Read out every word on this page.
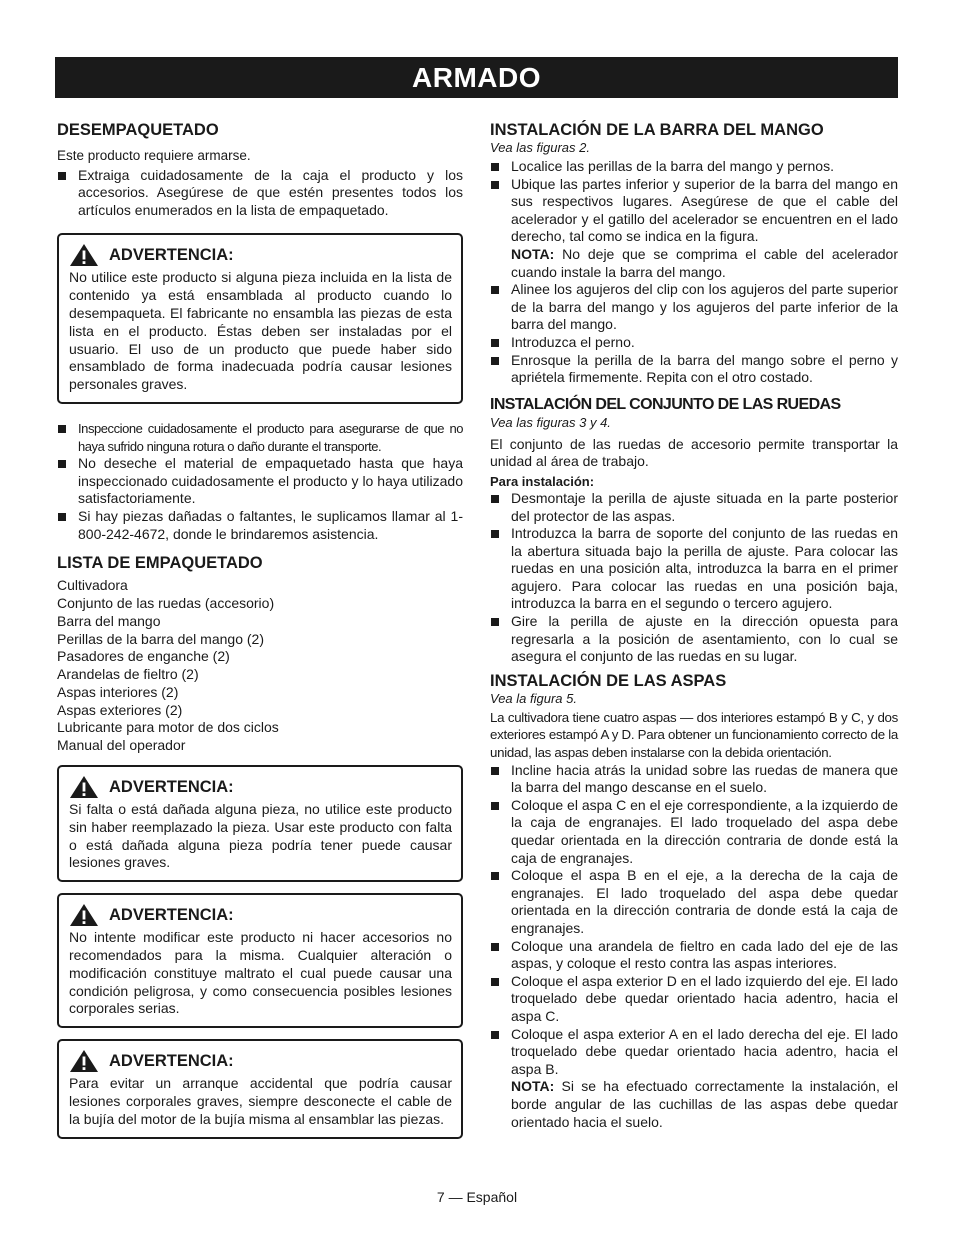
ARMADO
DESEMPAQUETADO

Este producto requiere armarse.

Extraiga cuidadosamente de la caja el producto y los accesorios. Asegúrese de que estén presentes todos los artículos enumerados en la lista de empaquetado.
ADVERTENCIA:

No utilice este producto si alguna pieza incluida en la lista de contenido ya está ensamblada al producto cuando lo desempaqueta. El fabricante no ensambla las piezas de esta lista en el producto. Éstas deben ser instaladas por el usuario. El uso de un producto que puede haber sido ensamblado de forma inadecuada podría causar lesiones personales graves.

Inspeccione cuidadosamente el producto para asegurarse de que no haya sufrido ninguna rotura o daño durante el transporte.
No deseche el material de empaquetado hasta que haya inspeccionado cuidadosamente el producto y lo haya utilizado satisfactoriamente.
Si hay piezas dañadas o faltantes, le suplicamos llamar al 1-800-242-4672, donde le brindaremos asistencia.
LISTA DE EMPAQUETADO
Cultivadora
Conjunto de las ruedas (accesorio)
Barra del mango
Perillas de la barra del mango (2)
Pasadores de enganche (2)
Arandelas de fieltro (2)
Aspas interiores (2)
Aspas exteriores (2)
Lubricante para motor de dos ciclos
Manual del operador
ADVERTENCIA:

Si falta o está dañada alguna pieza, no utilice este producto sin haber reemplazado la pieza. Usar este producto con falta o está dañada alguna pieza podría tener puede causar lesiones graves.

ADVERTENCIA:

No intente modificar este producto ni hacer accesorios no recomendados para la misma. Cualquier alteración o modificación constituye maltrato el cual puede causar una condición peligrosa, y como consecuencia posibles lesiones corporales serias.

ADVERTENCIA:

Para evitar un arranque accidental que podría causar lesiones corporales graves, siempre desconecte el cable de la bujía del motor de la bujía misma al ensamblar las piezas.

INSTALACIÓN DE LA BARRA DEL MANGO
Vea las figuras 2.
Localice las perillas de la barra del mango y pernos.
Ubique las partes inferior y superior de la barra del mango en sus respectivos lugares. Asegúrese de que el cable del acelerador y el gatillo del acelerador se encuentren en el lado derecho, tal como se indica en la figura.
NOTA: No deje que se comprima el cable del acelerador cuando instale la barra del mango.
Alinee los agujeros del clip con los agujeros del parte superior de la barra del mango y los agujeros del parte inferior de la barra del mango.
Introduzca el perno.
Enrosque la perilla de la barra del mango sobre el perno y apriétela firmemente. Repita con el otro costado.
INSTALACIÓN DEL CONJUNTO DE LAS RUEDAS
Vea las figuras 3 y 4.

El conjunto de las ruedas de accesorio permite transportar la unidad al área de trabajo.

Para instalación:
Desmontaje la perilla de ajuste situada en la parte posterior del protector de las aspas.
Introduzca la barra de soporte del conjunto de las ruedas en la abertura situada bajo la perilla de ajuste. Para colocar las ruedas en una posición alta, introduzca la barra en el primer agujero. Para colocar las ruedas en una posición baja, introduzca la barra en el segundo o tercero agujero.
Gire la perilla de ajuste en la dirección opuesta para regresarla a la posición de asentamiento, con lo cual se asegura el conjunto de las ruedas en su lugar.
INSTALACIÓN DE LAS ASPAS
Vea la figura 5.

La cultivadora tiene cuatro aspas — dos interiores estampó B y C, y dos exteriores estampó A y D. Para obtener un funcionamiento correcto de la unidad, las aspas deben instalarse con la debida orientación.

Incline hacia atrás la unidad sobre las ruedas de manera que la barra del mango descanse en el suelo.
Coloque el aspa C en el eje correspondiente, a la izquierdo de la caja de engranajes. El lado troquelado del aspa debe quedar orientada en la dirección contraria de donde está la caja de engranajes.
Coloque el aspa B en el eje, a la derecha de la caja de engranajes. El lado troquelado del aspa debe quedar orientada en la dirección contraria de donde está la caja de engranajes.
Coloque una arandela de fieltro en cada lado del eje de las aspas, y coloque el resto contra las aspas interiores.
Coloque el aspa exterior D en el lado izquierdo del eje. El lado troquelado debe quedar orientado hacia adentro, hacia el aspa C.
Coloque el aspa exterior A en el lado derecha del eje. El lado troquelado debe quedar orientado hacia adentro, hacia el aspa B.
NOTA: Si se ha efectuado correctamente la instalación, el borde angular de las cuchillas de las aspas debe quedar orientado hacia el suelo.
7 — Español
